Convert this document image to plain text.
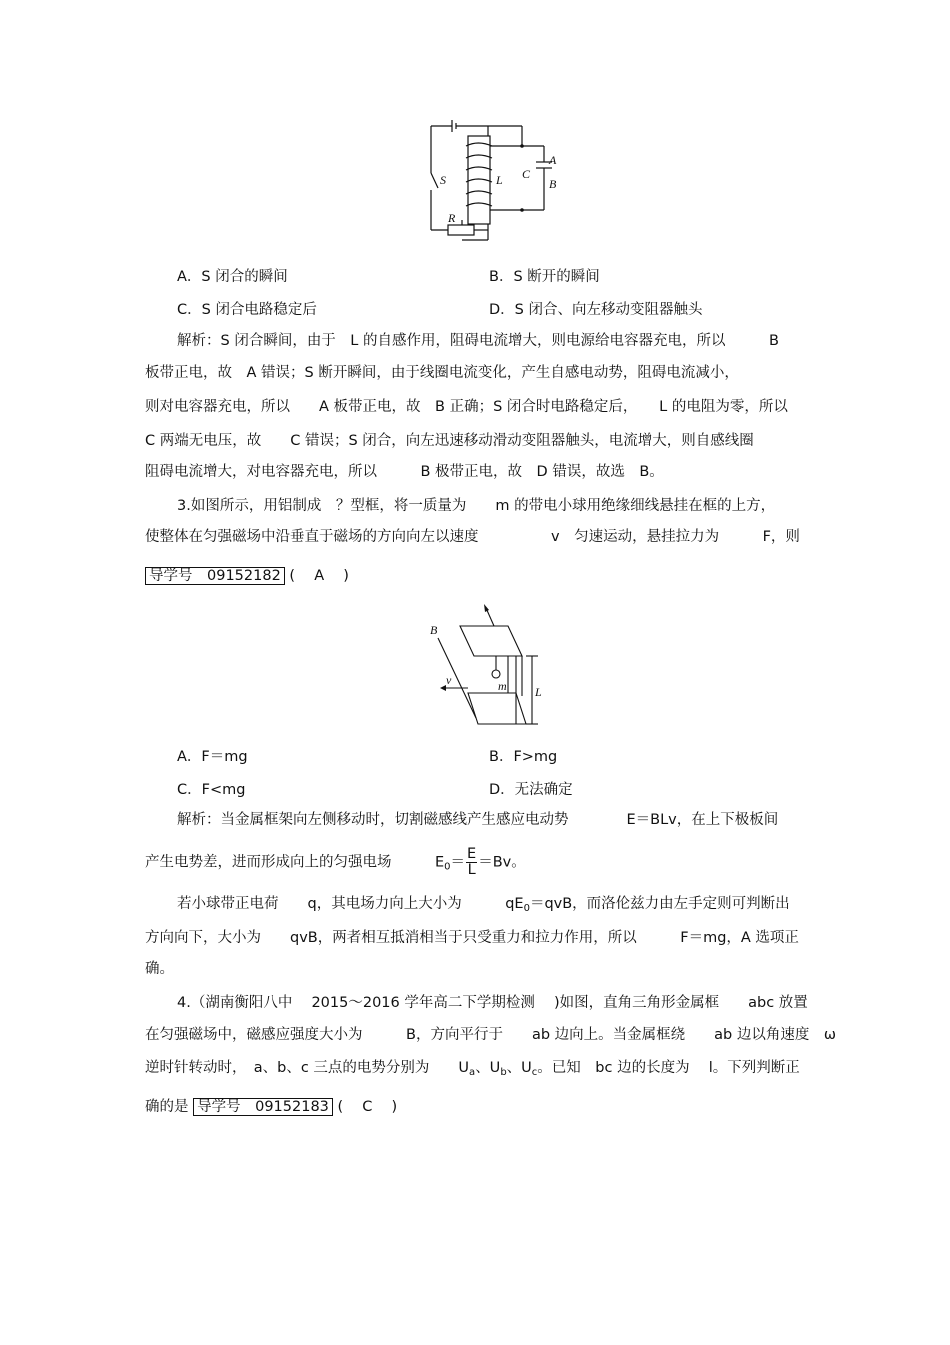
S	L C
A
B
R
A．S 闭合的瞬间	B．S 断开的瞬间
C．S 闭合电路稳定后	D．S 闭合、向左移动变阻器触头
解析：S 闭合瞬间，由于　L 的自感作用，阻碍电流增大，则电源给电容器充电，所以　　　B
板带正电，故　A 错误；S 断开瞬间，由于线圈电流变化，产生自感电动势，阻碍电流减小，
则对电容器充电，所以　　A 板带正电，故　B 正确；S 闭合时电路稳定后，　　L 的电阻为零，所以
C 两端无电压，故　　C 错误；S 闭合，向左迅速移动滑动变阻器触头，电流增大，则自感线圈
阻碍电流增大，对电容器充电，所以　　　B 极带正电，故　D 错误，故选　B。
3.如图所示，用铝制成　？型框，将一质量为　　m 的带电小球用绝缘细线悬挂在框的上方，
使整体在匀强磁场中沿垂直于磁场的方向向左以速度　　　　　v　匀速运动，悬挂拉力为　　　F，则
导学号　09152182 (　 A　 )
B
m
v
L
A．F＝mg	B．F>mg
C．F<mg	D．无法确定
解析：当金属框架向左侧移动时，切割磁感线产生感应电动势　　　　E＝BLv，在上下极板间
产生电势差，进而形成向上的匀强电场　　　$E_0= \frac{E}{L} =Bv$。
若小球带正电荷　　q，其电场力向上大小为　　　$qE_0=qvB$，而洛伦兹力由左手定则可判断出
方向向下，大小为　　qvB，两者相互抵消相当于只受重力和拉力作用，所以　　　F＝mg，A 选项正
确。
4.（湖南衡阳八中　 2015～2016 学年高二下学期检测　 )如图，直角三角形金属框　　abc 放置
在匀强磁场中，磁感应强度大小为　　　B，方向平行于　　ab 边向上。当金属框绕　　ab 边以角速度　ω
逆时针转动时，　a、b、c 三点的电势分别为　　$U_a$、$U_b$、$U_c$。已知　bc 边的长度为　 l。下列判断正
确的是 导学号　09152183 (　 C　 )
